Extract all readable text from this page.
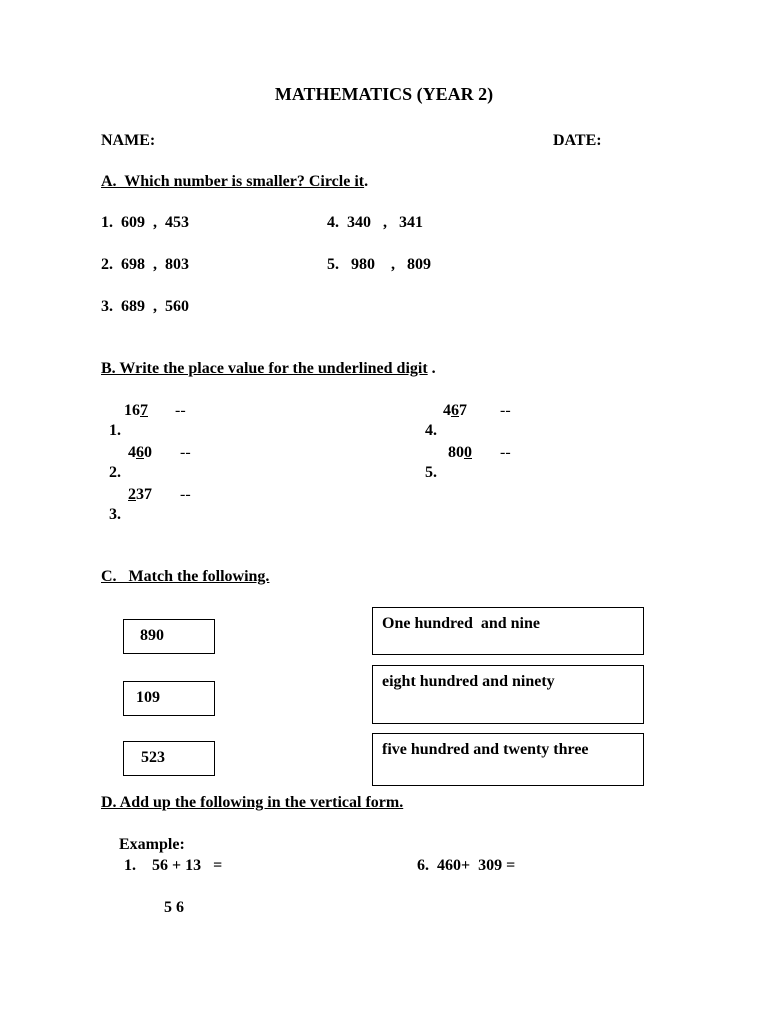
MATHEMATICS (YEAR 2)
NAME:	DATE:
A.  Which number is smaller? Circle it.
1.  609  ,  453
2.  698  ,  803
3.  689  ,  560
4.  340   ,   341
5.   980    ,   809
B. Write the place value for the underlined digit .

1.

167 --

2.

460 --

3.

237 --

4.

467 --

5.

800 --
C.   Match the following.
890
109
523
One hundred  and nine
eight hundred and ninety
five hundred and twenty three
D. Add up the following in the vertical form.
Example:
1.    56 + 13   =	6.  460+  309 =
5 6
